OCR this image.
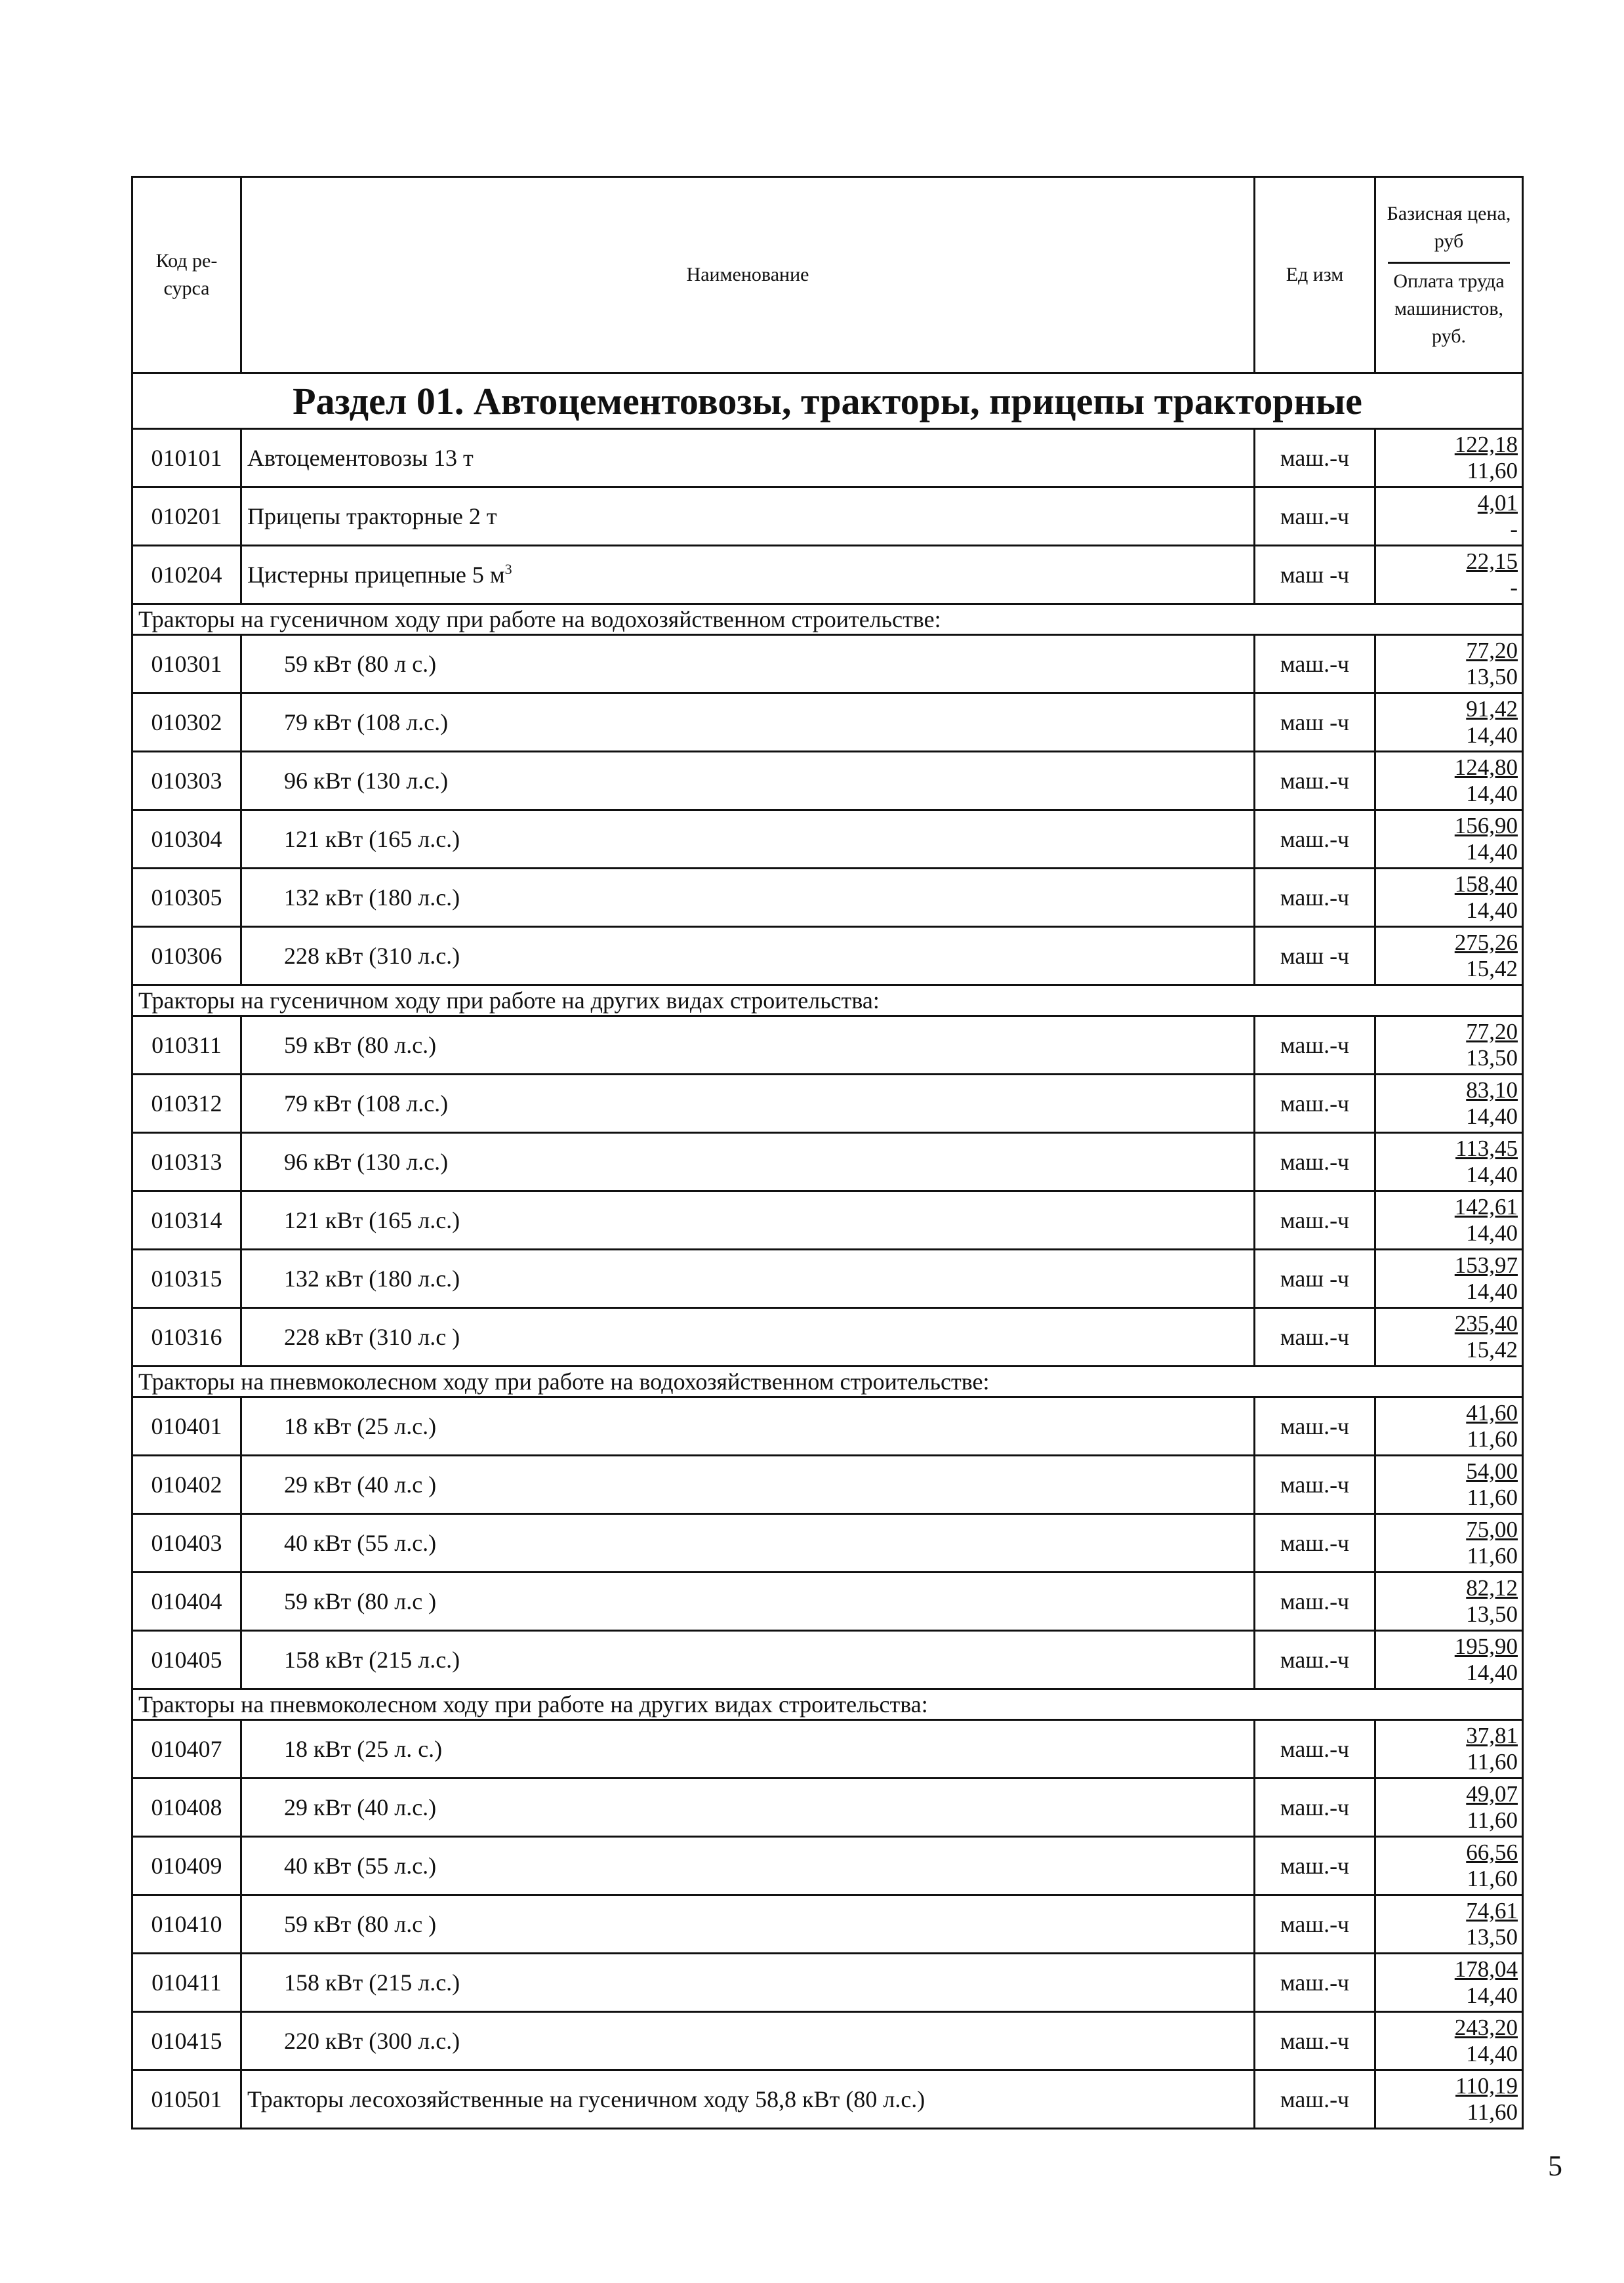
Код ре-
сурса	Наименование	Ед изм	Базисная цена, руб
Оплата труда машинистов, руб.

Раздел 01. Автоцементовозы, тракторы, прицепы тракторные			
010101	Автоцементовозы 13 т	маш.-ч	122,18
11,60

010201	Прицепы тракторные 2 т	маш.-ч	4,01
-

010204	Цистерны прицепные 5 $м^3$	маш -ч	22,15
-

Тракторы на гусеничном ходу при работе на водохозяйственном строительстве:			
010301	59 кВт (80 л с.)	маш.-ч	77,20
13,50

010302	79 кВт (108 л.с.)	маш -ч	91,42
14,40

010303	96 кВт (130 л.с.)	маш.-ч	124,80
14,40

010304	121 кВт (165 л.с.)	маш.-ч	156,90
14,40

010305	132 кВт (180 л.с.)	маш.-ч	158,40
14,40

010306	228 кВт (310 л.с.)	маш -ч	275,26
15,42

Тракторы на гусеничном ходу при работе на других видах строительства:			
010311	59 кВт (80 л.с.)	маш.-ч	77,20
13,50

010312	79 кВт (108 л.с.)	маш.-ч	83,10
14,40

010313	96 кВт (130 л.с.)	маш.-ч	113,45
14,40

010314	121 кВт (165 л.с.)	маш.-ч	142,61
14,40

010315	132 кВт (180 л.с.)	маш -ч	153,97
14,40

010316	228 кВт (310 л.с )	маш.-ч	235,40
15,42

Тракторы на пневмоколесном ходу при работе на водохозяйственном строительстве:			
010401	18 кВт (25 л.с.)	маш.-ч	41,60
11,60

010402	29 кВт (40 л.с )	маш.-ч	54,00
11,60

010403	40 кВт (55 л.с.)	маш.-ч	75,00
11,60

010404	59 кВт (80 л.с )	маш.-ч	82,12
13,50

010405	158 кВт (215 л.с.)	маш.-ч	195,90
14,40

Тракторы на пневмоколесном ходу при работе на других видах строительства:			
010407	18 кВт (25 л. с.)	маш.-ч	37,81
11,60

010408	29 кВт (40 л.с.)	маш.-ч	49,07
11,60

010409	40 кВт (55 л.с.)	маш.-ч	66,56
11,60

010410	59 кВт (80 л.с )	маш.-ч	74,61
13,50

010411	158 кВт (215 л.с.)	маш.-ч	178,04
14,40

010415	220 кВт (300 л.с.)	маш.-ч	243,20
14,40

010501	Тракторы лесохозяйственные на гусеничном ходу 58,8 кВт (80 л.с.)	маш.-ч	110,19
11,60
5
